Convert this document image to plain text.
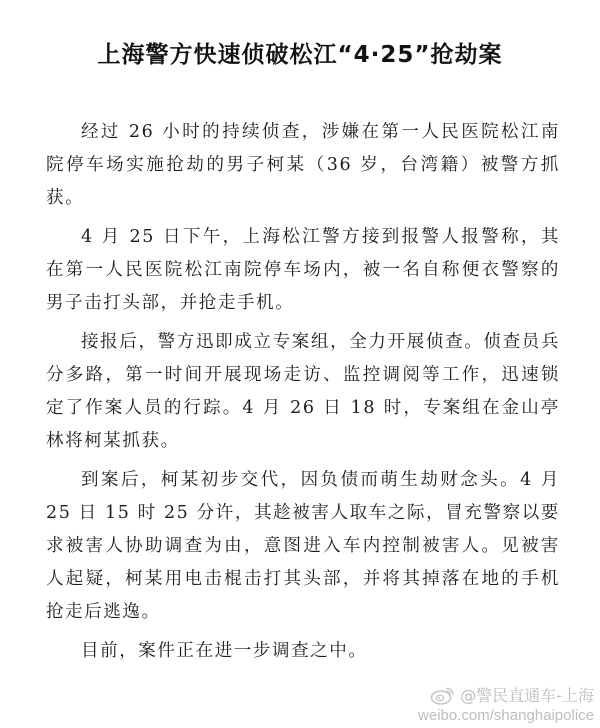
上海警方快速侦破松江“4·25”抢劫案

经过 26 小时的持续侦查，涉嫌在第一人民医院松江南院停车场实施抢劫的男子柯某（36 岁，台湾籍）被警方抓获。

4 月 25 日下午，上海松江警方接到报警人报警称，其在第一人民医院松江南院停车场内，被一名自称便衣警察的男子击打头部，并抢走手机。

接报后，警方迅即成立专案组，全力开展侦查。侦查员兵分多路，第一时间开展现场走访、监控调阅等工作，迅速锁定了作案人员的行踪。4 月 26 日 18 时，专案组在金山亭林将柯某抓获。

到案后，柯某初步交代，因负债而萌生劫财念头。4 月 25 日 15 时 25 分许，其趁被害人取车之际，冒充警察以要求被害人协助调查为由，意图进入车内控制被害人。见被害人起疑，柯某用电击棍击打其头部，并将其掉落在地的手机抢走后逃逸。

目前，案件正在进一步调查之中。

@警民直通车-上海
weibo.com/shanghaipolice
